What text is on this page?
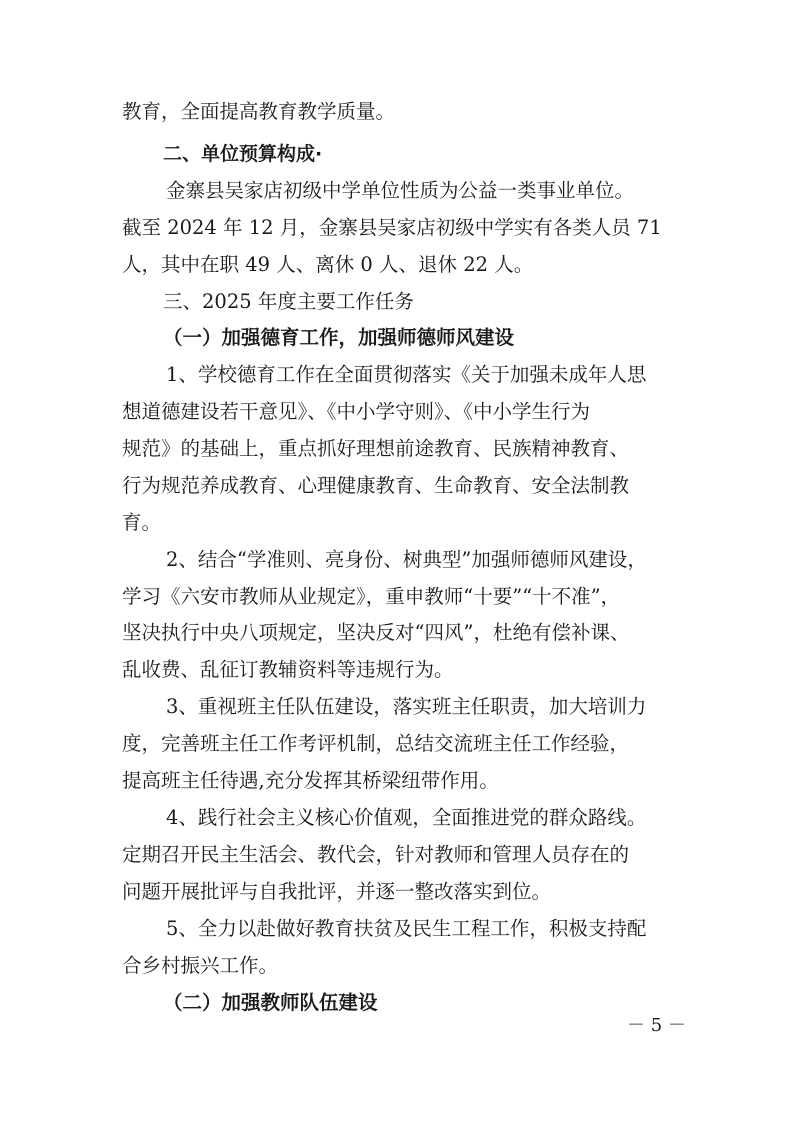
教育，全面提高教育教学质量。
二、单位预算构成·
金寨县吴家店初级中学单位性质为公益一类事业单位。
截至 2024 年 12 月，金寨县吴家店初级中学实有各类人员 71
人，其中在职 49 人、离休 0 人、退休 22 人。
三、2025 年度主要工作任务
（一）加强德育工作，加强师德师风建设
1、学校德育工作在全面贯彻落实《关于加强未成年人思
想道德建设若干意见》、《中小学守则》、《中小学生行为
规范》的基础上，重点抓好理想前途教育、民族精神教育、
行为规范养成教育、心理健康教育、生命教育、安全法制教
育。
2、结合“学准则、亮身份、树典型”加强师德师风建设，
学习《六安市教师从业规定》，重申教师“十要”“十不准”，
坚决执行中央八项规定，坚决反对“四风”，杜绝有偿补课、
乱收费、乱征订教辅资料等违规行为。
3、重视班主任队伍建设，落实班主任职责，加大培训力
度，完善班主任工作考评机制，总结交流班主任工作经验，
提高班主任待遇,充分发挥其桥梁纽带作用。
4、践行社会主义核心价值观，全面推进党的群众路线。
定期召开民主生活会、教代会，针对教师和管理人员存在的
问题开展批评与自我批评，并逐一整改落实到位。
5、全力以赴做好教育扶贫及民生工程工作，积极支持配
合乡村振兴工作。
（二）加强教师队伍建设
－ 5 －
